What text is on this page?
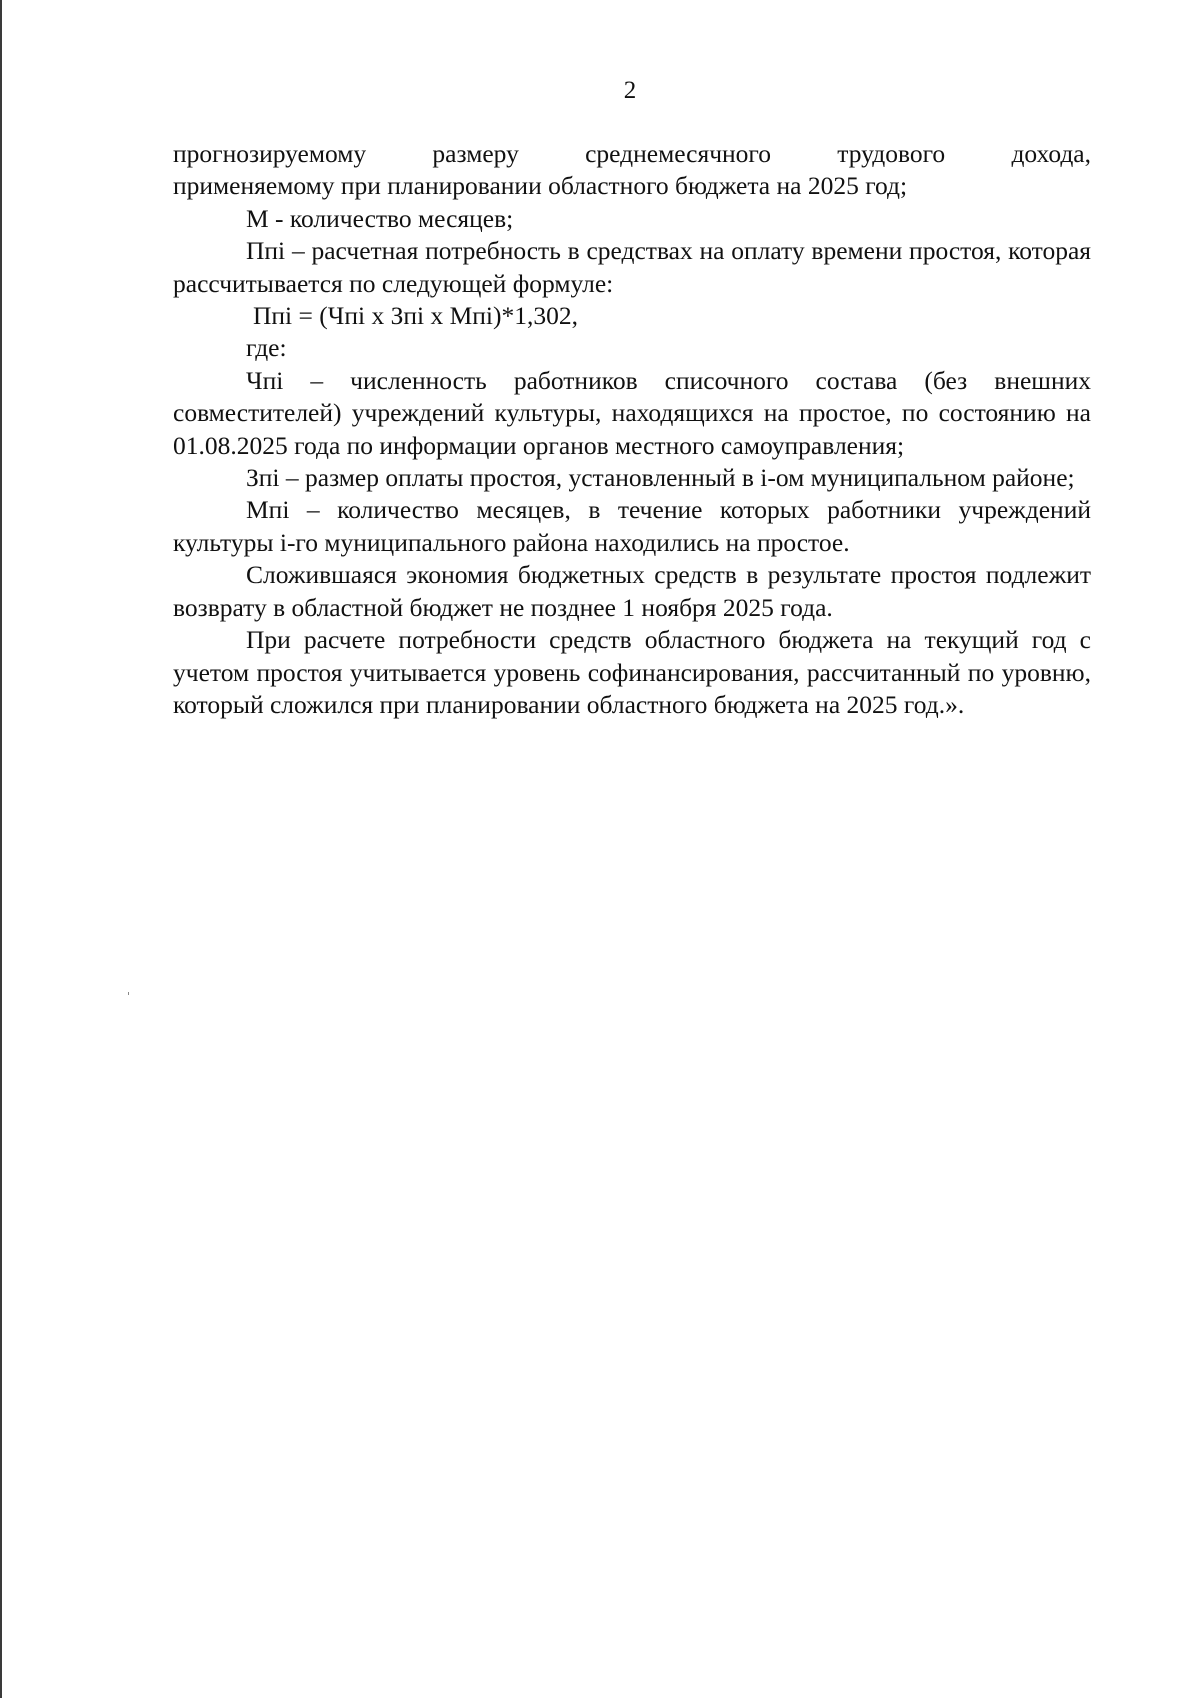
2

прогнозируемому размеру среднемесячного трудового дохода,

применяемому при планировании областного бюджета на 2025 год;

М - количество месяцев;

Ппi – расчетная потребность в средствах на оплату времени простоя, которая рассчитывается по следующей формуле:

Ппi = (Чпi х Зпi х Мпi)*1,302,

где:

Чпi – численность работников списочного состава (без внешних совместителей) учреждений культуры, находящихся на простое, по состоянию на 01.08.2025 года по информации органов местного самоуправления;

Зпi – размер оплаты простоя, установленный в i-ом муниципальном районе;

Мпi – количество месяцев, в течение которых работники учреждений культуры i-го муниципального района находились на простое.

Сложившаяся экономия бюджетных средств в результате простоя подлежит возврату в областной бюджет не позднее 1 ноября 2025 года.

При расчете потребности средств областного бюджета на текущий год с учетом простоя учитывается уровень софинансирования, рассчитанный по уровню, который сложился при планировании областного бюджета на 2025 год.».
